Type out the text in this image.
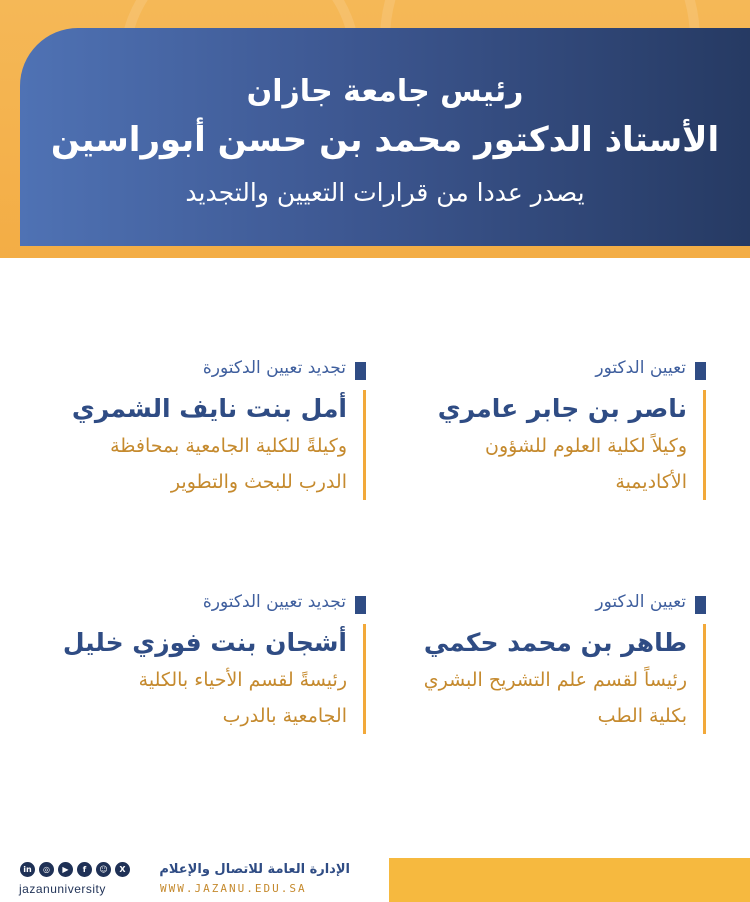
رئيس جامعة جازان
الأستاذ الدكتور محمد بن حسن أبوراسين
يصدر عددا من قرارات التعيين والتجديد
تعيين الدكتور
ناصر بن جابر عامري
وكيلاً لكلية العلوم للشؤون
الأكاديمية
تجديد تعيين الدكتورة
أمل بنت نايف الشمري
وكيلةً للكلية الجامعية بمحافظة
الدرب للبحث والتطوير
تعيين الدكتور
طاهر بن محمد حكمي
رئيساً لقسم علم التشريح البشري
بكلية الطب
تجديد تعيين الدكتورة
أشجان بنت فوزي خليل
رئيسةً لقسم الأحياء بالكلية
الجامعية بالدرب
الإدارة العامة للاتصال والإعلام
WWW.JAZANU.EDU.SA
in	◎	▶	f	☺	X
jazanuniversity
